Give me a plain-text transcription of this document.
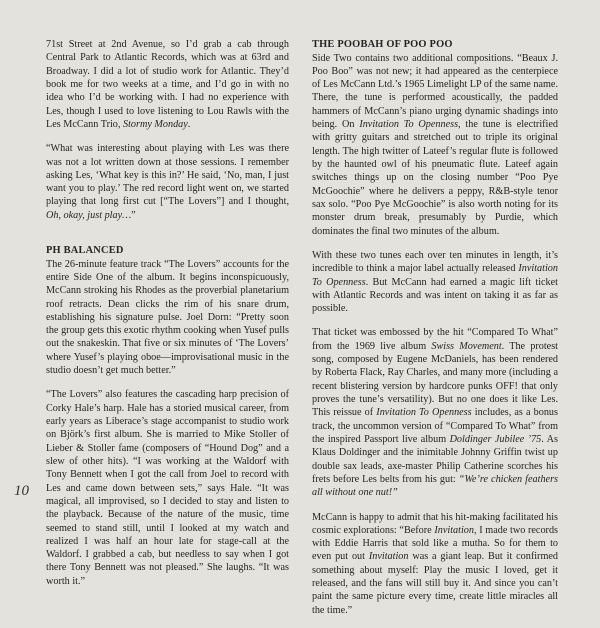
10

71st Street at 2nd Avenue, so I’d grab a cab through Central Park to Atlantic Records, which was at 63rd and Broadway. I did a lot of studio work for Atlantic. They’d book me for two weeks at a time, and I’d go in with no idea who I’d be working with. I had no experience with Les, though I used to love listening to Lou Rawls with the Les McCann Trio, Stormy Monday.

“What was interesting about playing with Les was there was not a lot written down at those sessions. I remember asking Les, ‘What key is this in?’ He said, ‘No, man, I just want you to play.’ The red record light went on, we started playing that long first cut [“The Lovers”] and I thought, Oh, okay, just play…”

PH BALANCED

The 26-minute feature track “The Lovers” accounts for the entire Side One of the album. It begins inconspicuously, McCann stroking his Rhodes as the proverbial planetarium roof retracts. Dean clicks the rim of his snare drum, establishing his signature pulse. Joel Dorn: “Pretty soon the group gets this exotic rhythm cooking when Yusef pulls out the snakeskin. That five or six minutes of ‘The Lovers’ where Yusef’s playing oboe—improvisational music in the studio doesn’t get much better.”

“The Lovers” also features the cascading harp precision of Corky Hale’s harp. Hale has a storied musical career, from early years as Liberace’s stage accompanist to studio work on Björk’s first album. She is married to Mike Stoller of Lieber & Stoller fame (composers of “Hound Dog” and a slew of other hits). “I was working at the Waldorf with Tony Bennett when I got the call from Joel to record with Les and came down between sets,” says Hale. “It was magical, all improvised, so I decided to stay and listen to the playback. Because of the nature of the music, time seemed to stand still, until I looked at my watch and realized I was half an hour late for stage-call at the Waldorf. I grabbed a cab, but needless to say when I got there Tony Bennett was not pleased.” She laughs. “It was worth it.”

THE POOBAH OF POO POO

Side Two contains two additional compositions. “Beaux J. Poo Boo” was not new; it had appeared as the centerpiece of Les McCann Ltd.’s 1965 Limelight LP of the same name. There, the tune is performed acoustically, the padded hammers of McCann’s piano urging dynamic shadings into being. On Invitation To Openness, the tune is electrified with gritty guitars and stretched out to triple its original length. The high twitter of Lateef’s regular flute is followed by the haunted owl of his pneumatic flute. Lateef again switches things up on the closing number “Poo Pye McGoochie” where he delivers a peppy, R&B-style tenor sax solo. “Poo Pye McGoochie” is also worth noting for its monster drum break, presumably by Purdie, which dominates the final two minutes of the album.

With these two tunes each over ten minutes in length, it’s incredible to think a major label actually released Invitation To Openness. But McCann had earned a magic lift ticket with Atlantic Records and was intent on taking it as far as possible.

That ticket was embossed by the hit “Compared To What” from the 1969 live album Swiss Movement. The protest song, composed by Eugene McDaniels, has been rendered by Roberta Flack, Ray Charles, and many more (including a recent blistering version by hardcore punks OFF! that only proves the tune’s versatility). But no one does it like Les. This reissue of Invitation To Openness includes, as a bonus track, the uncommon version of “Compared To What” from the inspired Passport live album Doldinger Jubilee ’75. As Klaus Doldinger and the inimitable Johnny Griffin twist up double sax leads, axe-master Philip Catherine scorches his frets before Les belts from his gut: “We’re chicken feathers all without one nut!”

McCann is happy to admit that his hit-making facilitated his cosmic explorations: “Before Invitation, I made two records with Eddie Harris that sold like a mutha. So for them to even put out Invitation was a giant leap. But it confirmed something about myself: Play the music I loved, get it released, and the fans will still buy it. And since you can’t paint the same picture every time, create little miracles all the time.”
